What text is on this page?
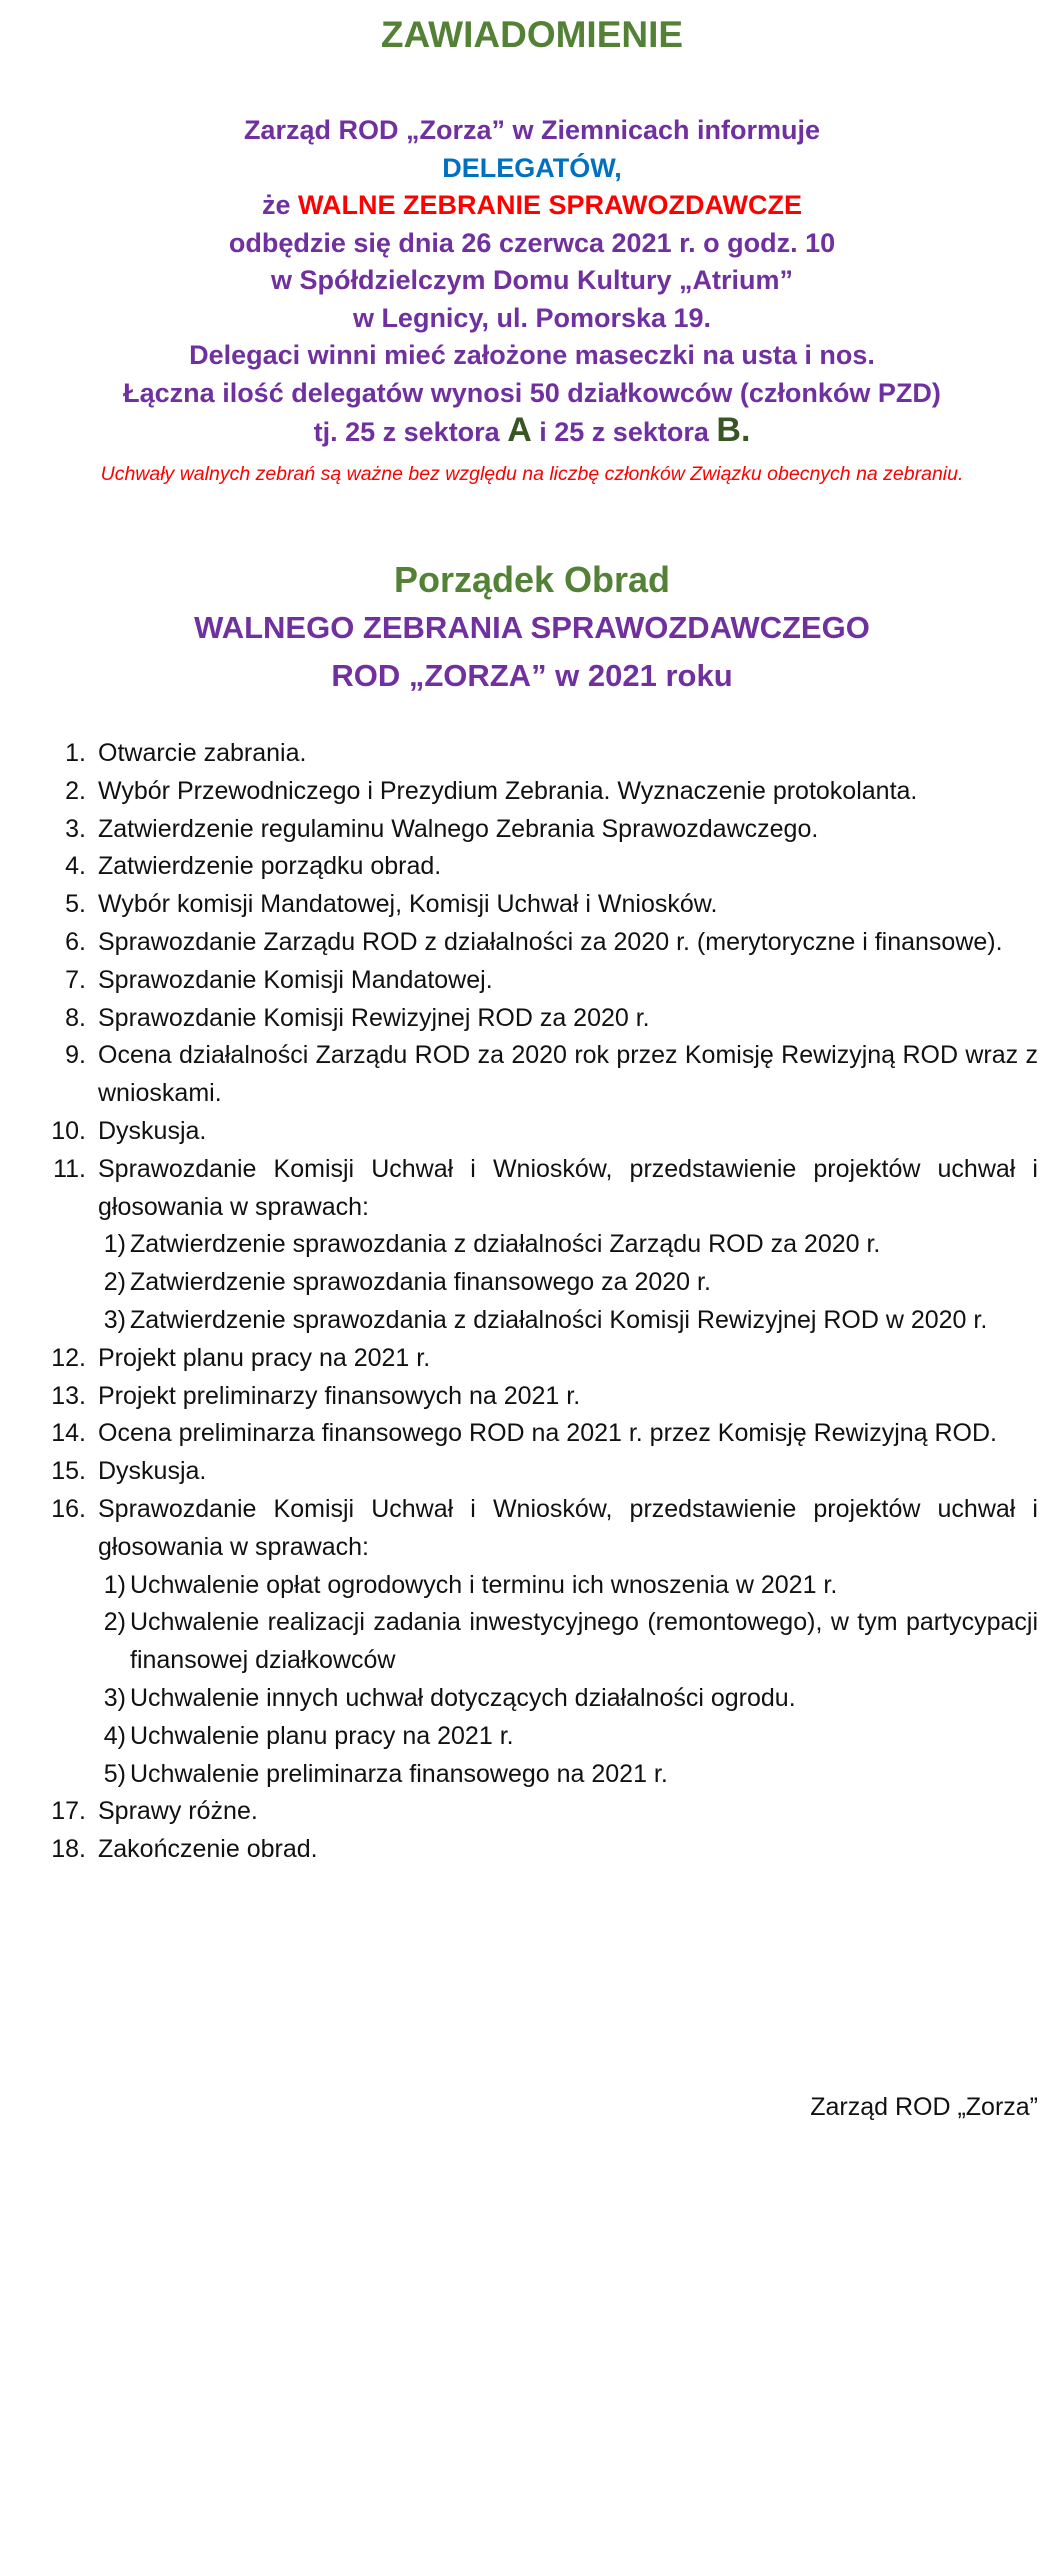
ZAWIADOMIENIE
Zarząd ROD „Zorza” w Ziemnicach informuje
DELEGATÓW,
że WALNE ZEBRANIE SPRAWOZDAWCZE
odbędzie się dnia 26 czerwca 2021 r. o godz. 10
w Spółdzielczym Domu Kultury „Atrium”
w Legnicy, ul. Pomorska 19.
Delegaci winni mieć założone maseczki na usta i nos.
Łączna ilość delegatów wynosi 50 działkowców (członków PZD)
tj. 25 z sektora A i 25 z sektora B.
Uchwały walnych zebrań są ważne bez względu na liczbę członków Związku obecnych na zebraniu.
Porządek Obrad
WALNEGO ZEBRANIA SPRAWOZDAWCZEGO
ROD „ZORZA” w 2021 roku
1. Otwarcie zabrania.
2. Wybór Przewodniczego i Prezydium Zebrania. Wyznaczenie protokolanta.
3. Zatwierdzenie regulaminu Walnego Zebrania Sprawozdawczego.
4. Zatwierdzenie porządku obrad.
5. Wybór komisji Mandatowej, Komisji Uchwał i Wniosków.
6. Sprawozdanie Zarządu ROD z działalności za 2020 r. (merytoryczne i finansowe).
7. Sprawozdanie Komisji Mandatowej.
8. Sprawozdanie Komisji Rewizyjnej ROD za 2020 r.
9. Ocena działalności Zarządu ROD za 2020 rok przez Komisję Rewizyjną ROD wraz z wnioskami.
10. Dyskusja.
11. Sprawozdanie Komisji Uchwał i Wniosków, przedstawienie projektów uchwał i głosowania w sprawach:
1) Zatwierdzenie sprawozdania z działalności Zarządu ROD za 2020 r.
2) Zatwierdzenie sprawozdania finansowego za 2020 r.
3) Zatwierdzenie sprawozdania z działalności Komisji Rewizyjnej ROD w 2020 r.
12. Projekt planu pracy na 2021 r.
13. Projekt preliminarzy finansowych na 2021 r.
14. Ocena preliminarza finansowego ROD na 2021 r. przez Komisję Rewizyjną ROD.
15. Dyskusja.
16. Sprawozdanie Komisji Uchwał i Wniosków, przedstawienie projektów uchwał i głosowania w sprawach:
1) Uchwalenie opłat ogrodowych i terminu ich wnoszenia w 2021 r.
2) Uchwalenie realizacji zadania inwestycyjnego (remontowego), w tym partycypacji finansowej działkowców
3) Uchwalenie innych uchwał dotyczących działalności ogrodu.
4) Uchwalenie planu pracy na 2021 r.
5) Uchwalenie preliminarza finansowego na 2021 r.
17. Sprawy różne.
18. Zakończenie obrad.
Zarząd ROD „Zorza”
